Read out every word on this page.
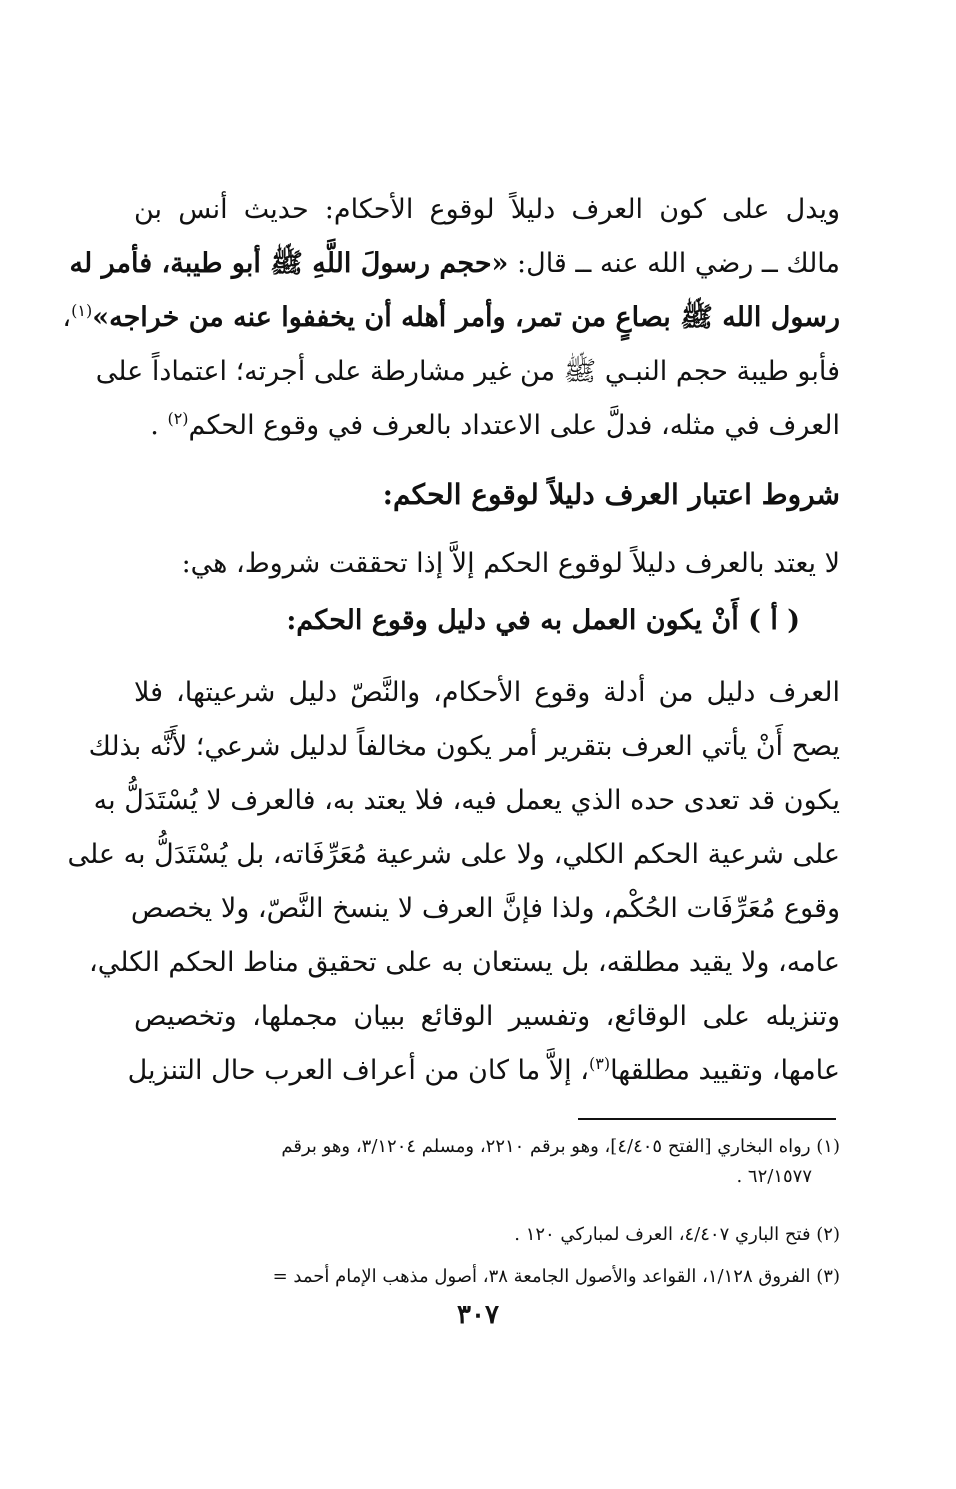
ويدل على كون العرف دليلاً لوقوع الأحكام: حديث أنس بن
مالك ــ رضي الله عنه ــ قال: «حجم رسولَ اللَّهِ ﷺ أبو طيبة، فأمر له
رسول الله ﷺ بصاعٍ من تمر، وأمر أهله أن يخففوا عنه من خراجه»$^{(١)}$،
فأبو طيبة حجم النبـي ﷺ من غير مشارطة على أجرته؛ اعتماداً على
العرف في مثله، فدلَّ على الاعتداد بالعرف في وقوع الحكم$^{(٢)}$ .
شروط اعتبار العرف دليلاً لوقوع الحكم:
لا يعتد بالعرف دليلاً لوقوع الحكم إلاَّ إذا تحققت شروط، هي:
( أ ) أَنْ يكون العمل به في دليل وقوع الحكم:
العرف دليل من أدلة وقوع الأحكام، والنَّصّ دليل شرعيتها، فلا
يصح أَنْ يأتي العرف بتقرير أمر يكون مخالفاً لدليل شرعي؛ لأَنَّه بذلك
يكون قد تعدى حده الذي يعمل فيه، فلا يعتد به، فالعرف لا يُسْتَدَلُّ به
على شرعية الحكم الكلي، ولا على شرعية مُعَرِّفَاته، بل يُسْتَدَلُّ به على
وقوع مُعَرِّفَات الحُكْم، ولذا فإنَّ العرف لا ينسخ النَّصّ، ولا يخصص
عامه، ولا يقيد مطلقه، بل يستعان به على تحقيق مناط الحكم الكلي،
وتنزيله على الوقائع، وتفسير الوقائع ببيان مجملها، وتخصيص
عامها، وتقييد مطلقها$^{(٣)}$، إلاَّ ما كان من أعراف العرب حال التنزيل
(١) رواه البخاري [الفتح ٤/٤٠٥]، وهو برقم ٢٢١٠، ومسلم ٣/١٢٠٤، وهو برقم
٦٢/١٥٧٧ .
(٢) فتح الباري ٤/٤٠٧، العرف لمباركي ١٢٠ .
(٣) الفروق ١/١٢٨، القواعد والأصول الجامعة ٣٨، أصول مذهب الإمام أحمد =
٣٠٧
